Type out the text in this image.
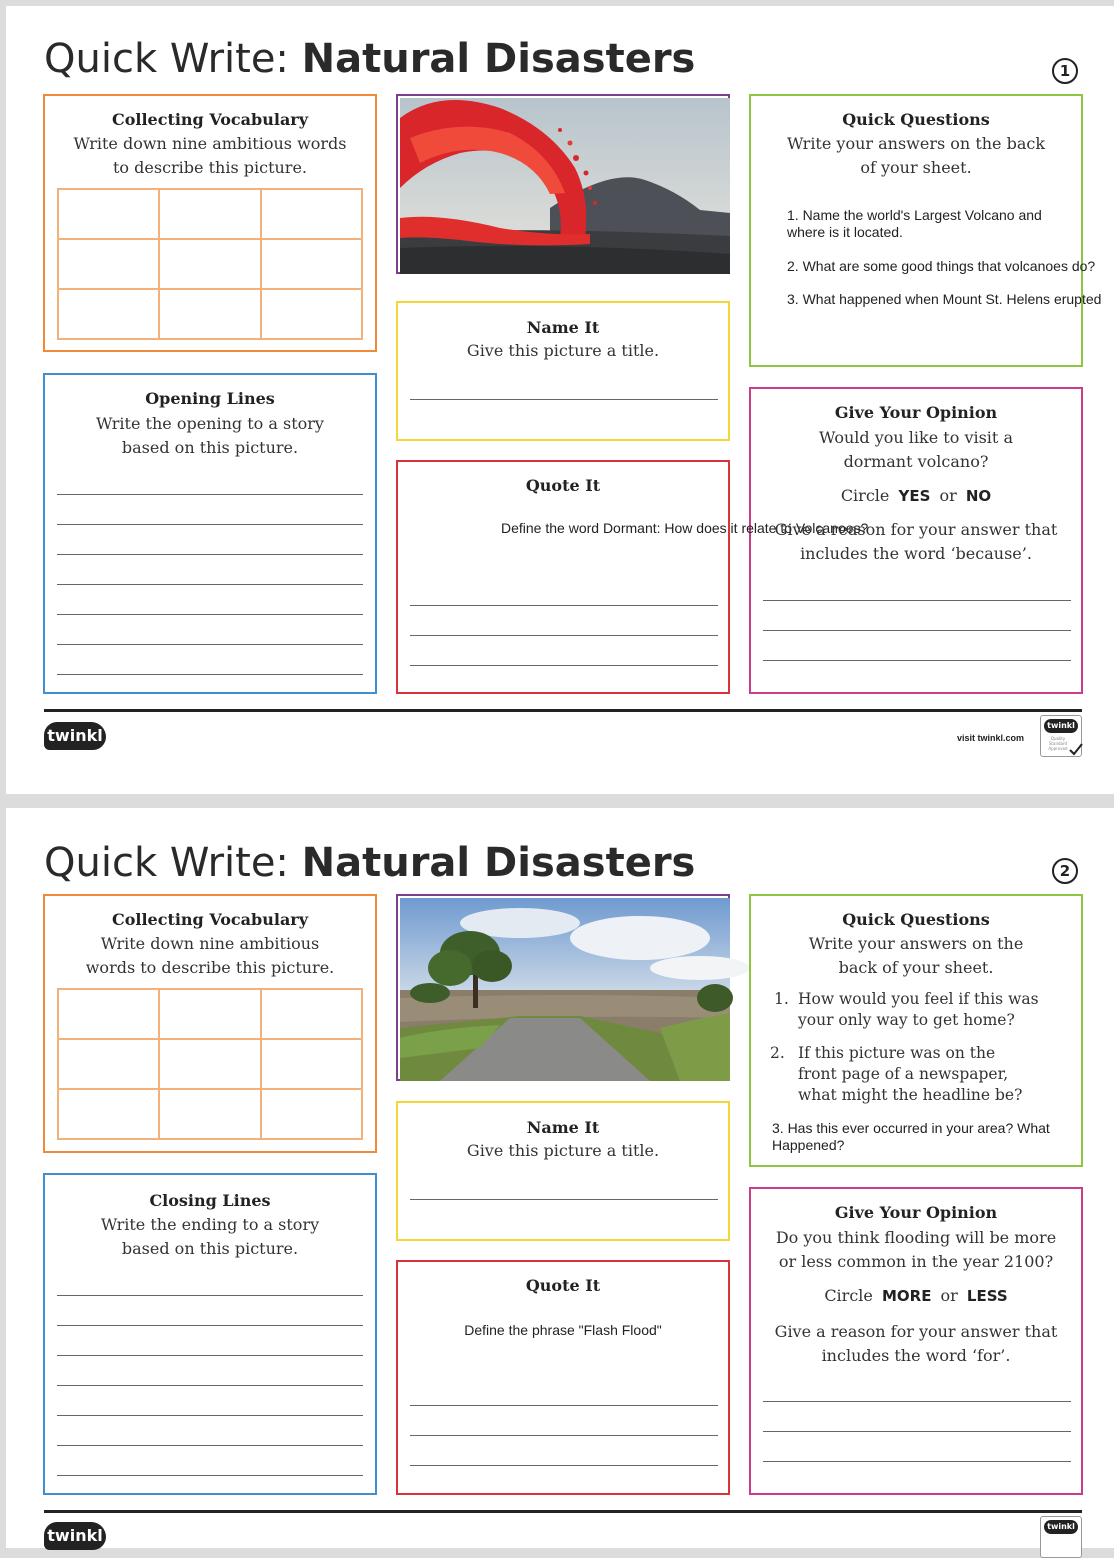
Quick Write: Natural Disasters	1
Collecting Vocabulary
Write down nine ambitious words to describe this picture.
Opening Lines
Write the opening to a story based on this picture.
Name It
Give this picture a title.
Quote It
Quick Questions
Write your answers on the back of your sheet.
Give Your Opinion
Would you like to visit a dormant volcano?
Circle YES or NO
Define the word Dormant: How does it relate to Volcanoes?
Give a reason for your answer that includes the word ‘because’.
1. Name the world's Largest Volcano and where is it located.
2. What are some good things that volcanoes do?
3. What happened when Mount St. Helens erupted
twinkl	visit twinkl.com
twinkl
Quality Standard Approved
Quick Write: Natural Disasters	2
Collecting Vocabulary
Write down nine ambitious words to describe this picture.
Closing Lines
Write the ending to a story based on this picture.
Name It
Give this picture a title.
Quote It
Define the phrase "Flash Flood"
Quick Questions
Write your answers on the back of your sheet.
1. How would you feel if this was your only way to get home?
2. If this picture was on the front page of a newspaper, what might the headline be?
3. Has this ever occurred in your area? What Happened?
Give Your Opinion
Do you think flooding will be more or less common in the year 2100?
Circle MORE or LESS
Give a reason for your answer that includes the word ‘for’.
twinkl	twinkl
